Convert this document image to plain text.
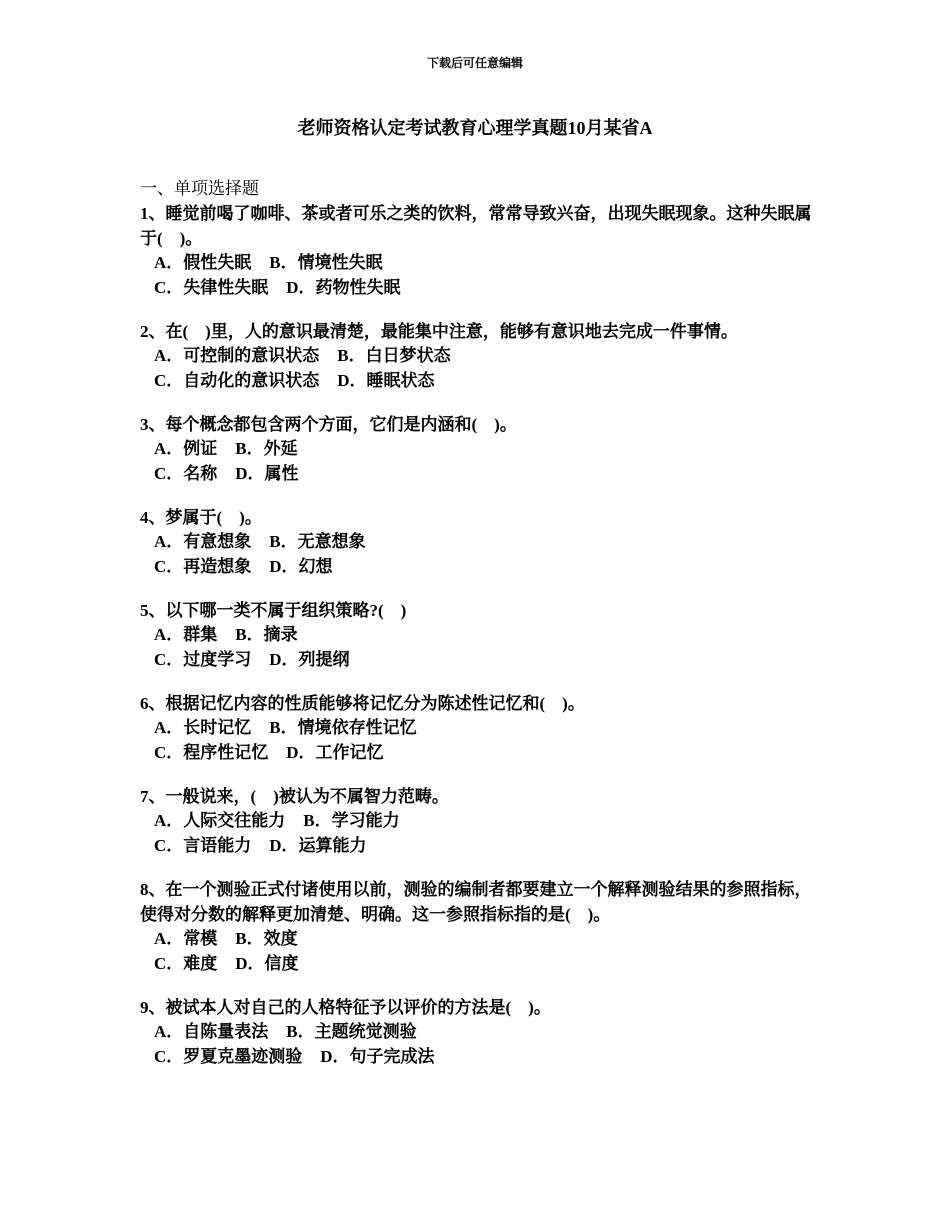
下载后可任意编辑
老师资格认定考试教育心理学真题10月某省A
一、单项选择题
1、睡觉前喝了咖啡、茶或者可乐之类的饮料，常常导致兴奋，出现失眠现象。这种失眠属于(　)。
A．假性失眠 B．情境性失眠
C．失律性失眠 D．药物性失眠
2、在(　)里，人的意识最清楚，最能集中注意，能够有意识地去完成一件事情。
A．可控制的意识状态 B．白日梦状态
C．自动化的意识状态 D．睡眠状态
3、每个概念都包含两个方面，它们是内涵和(　)。
A．例证 B．外延
C．名称 D．属性
4、梦属于(　)。
A．有意想象 B．无意想象
C．再造想象 D．幻想
5、以下哪一类不属于组织策略?(　)
A．群集 B．摘录
C．过度学习 D．列提纲
6、根据记忆内容的性质能够将记忆分为陈述性记忆和(　)。
A．长时记忆 B．情境依存性记忆
C．程序性记忆 D．工作记忆
7、一般说来，(　)被认为不属智力范畴。
A．人际交往能力 B．学习能力
C．言语能力 D．运算能力
8、在一个测验正式付诸使用以前，测验的编制者都要建立一个解释测验结果的参照指标，使得对分数的解释更加清楚、明确。这一参照指标指的是(　)。
A．常模 B．效度
C．难度 D．信度
9、被试本人对自己的人格特征予以评价的方法是(　)。
A．自陈量表法 B．主题统觉测验
C．罗夏克墨迹测验 D．句子完成法
